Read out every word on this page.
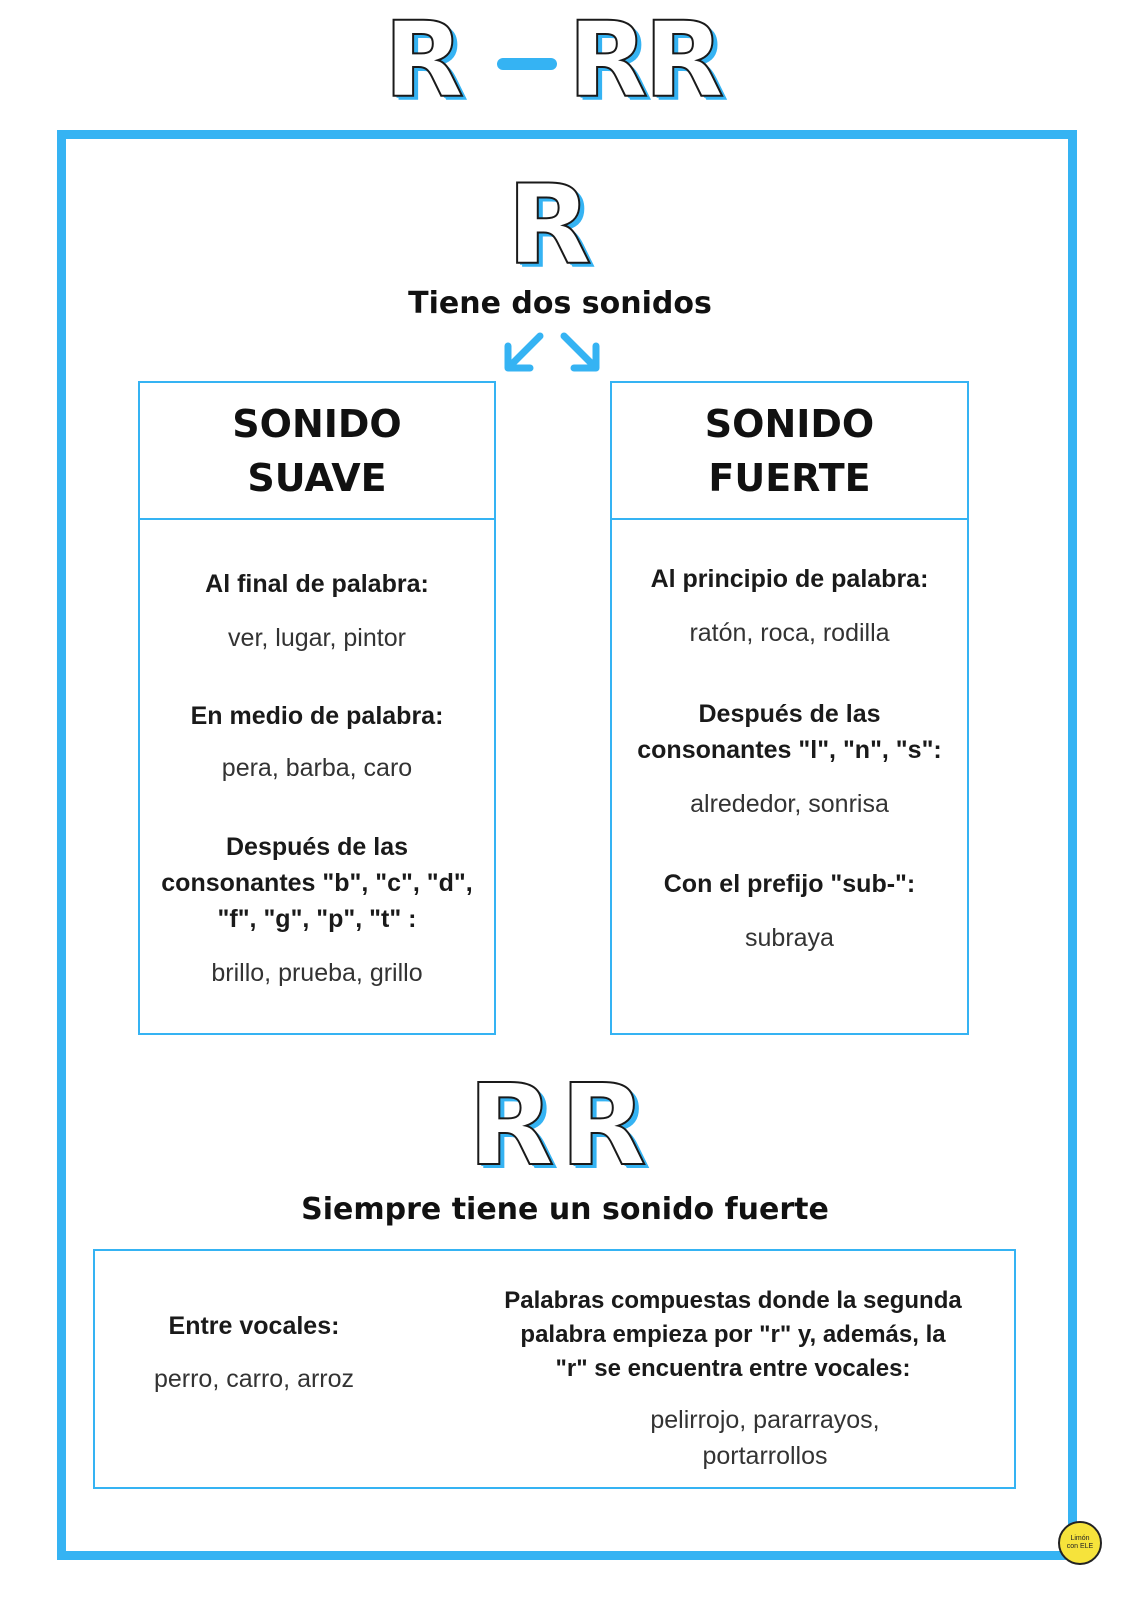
R RR
R
Tiene dos sonidos
SONIDO
SUAVE
Al final de palabra:
ver, lugar, pintor
En medio de palabra:
pera, barba, caro
Después de las
consonantes "b", "c", "d",
"f", "g", "p", "t" :
brillo, prueba, grillo
SONIDO
FUERTE
Al principio de palabra:
ratón, roca, rodilla
Después de las
consonantes "l", "n", "s":
alrededor, sonrisa
Con el prefijo "sub-":
subraya
RR
Siempre tiene un sonido fuerte
Entre vocales:
perro, carro, arroz
Palabras compuestas donde la segunda
palabra empieza por "r" y, además, la
"r" se encuentra entre vocales:
pelirrojo, pararrayos,
portarrollos
Limón
con ELE
